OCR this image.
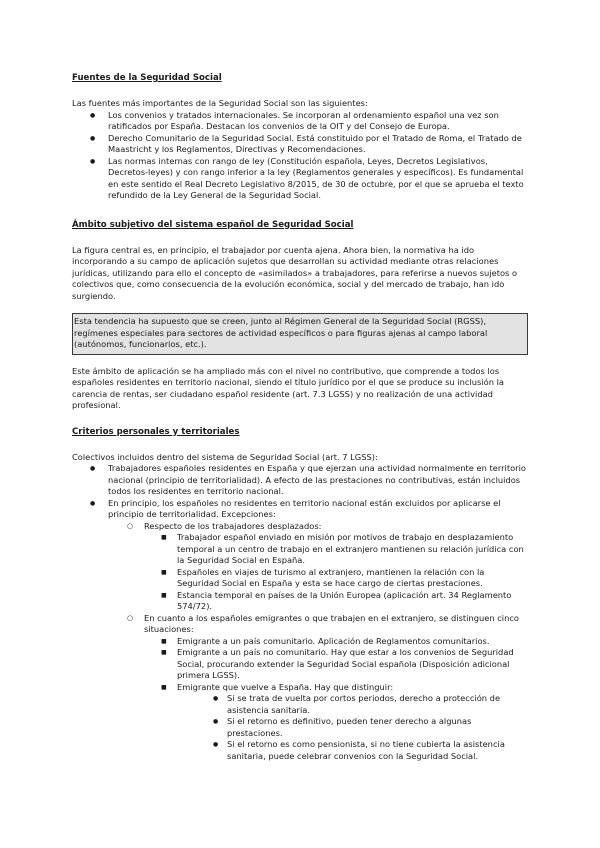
Fuentes de la Seguridad Social

Las fuentes más importantes de la Seguridad Social son las siguientes:

● Los convenios y tratados internacionales. Se incorporan al ordenamiento español una vez son ratificados por España. Destacan los convenios de la OIT y del Consejo de Europa.
● Derecho Comunitario de la Seguridad Social. Está constituido por el Tratado de Roma, el Tratado de Maastricht y los Reglamentos, Directivas y Recomendaciones.
● Las normas internas con rango de ley (Constitución española, Leyes, Decretos Legislativos, Decretos-leyes) y con rango inferior a la ley (Reglamentos generales y específicos). Es fundamental en este sentido el Real Decreto Legislativo 8/2015, de 30 de octubre, por el que se aprueba el texto refundido de la Ley General de la Seguridad Social.
Ámbito subjetivo del sistema español de Seguridad Social

La figura central es, en principio, el trabajador por cuenta ajena. Ahora bien, la normativa ha ido incorporando a su campo de aplicación sujetos que desarrollan su actividad mediante otras relaciones jurídicas, utilizando para ello el concepto de «asimilados» a trabajadores, para referirse a nuevos sujetos o colectivos que, como consecuencia de la evolución económica, social y del mercado de trabajo, han ido surgiendo.

Esta tendencia ha supuesto que se creen, junto al Régimen General de la Seguridad Social (RGSS), regímenes especiales para sectores de actividad específicos o para figuras ajenas al campo laboral (autónomos, funcionarios, etc.).

Este ámbito de aplicación se ha ampliado más con el nivel no contributivo, que comprende a todos los españoles residentes en territorio nacional, siendo el título jurídico por el que se produce su inclusión la carencia de rentas, ser ciudadano español residente (art. 7.3 LGSS) y no realización de una actividad profesional.

Criterios personales y territoriales

Colectivos incluidos dentro del sistema de Seguridad Social (art. 7 LGSS):

● Trabajadores españoles residentes en España y que ejerzan una actividad normalmente en territorio nacional (principio de territorialidad). A efecto de las prestaciones no contributivas, están incluidos todos los residentes en territorio nacional.
● En principio, los españoles no residentes en territorio nacional están excluidos por aplicarse el principio de territorialidad. Excepciones:
○ Respecto de los trabajadores desplazados:
■ Trabajador español enviado en misión por motivos de trabajo en desplazamiento temporal a un centro de trabajo en el extranjero mantienen su relación jurídica con la Seguridad Social en España.
■ Españoles en viajes de turismo al extranjero, mantienen la relación con la Seguridad Social en España y esta se hace cargo de ciertas prestaciones.
■ Estancia temporal en países de la Unión Europea (aplicación art. 34 Reglamento 574/72).
○ En cuanto a los españoles emigrantes o que trabajen en el extranjero, se distinguen cinco situaciones:
■ Emigrante a un país comunitario. Aplicación de Reglamentos comunitarios.
■ Emigrante a un país no comunitario. Hay que estar a los convenios de Seguridad Social, procurando extender la Seguridad Social española (Disposición adicional primera LGSS).
■ Emigrante que vuelve a España. Hay que distinguir:
● Si se trata de vuelta por cortos periodos, derecho a protección de asistencia sanitaria.
● Si el retorno es definitivo, pueden tener derecho a algunas prestaciones.
● Si el retorno es como pensionista, si no tiene cubierta la asistencia sanitaria, puede celebrar convenios con la Seguridad Social.
